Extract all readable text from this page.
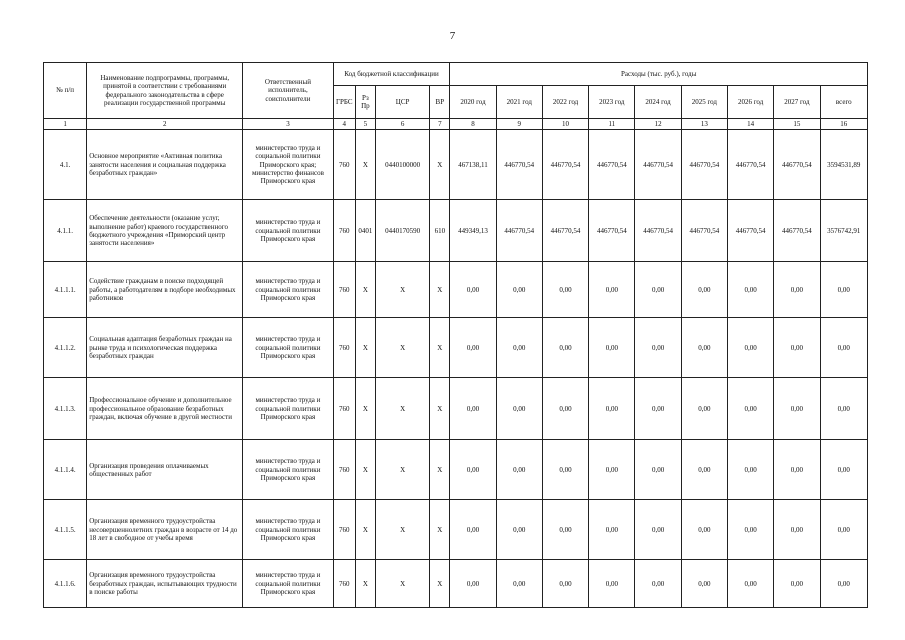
7
№ п/п	Наименование подпрограммы, программы, принятой в соответствии с требованиями федерального законодательства в сфере реализации государственной программы	Ответственный исполнитель, соисполнители	Код бюджетной классификации				Расходы (тыс. руб.), годы								
			ГРБС	Рз Пр	ЦСР	ВР	2020 год	2021 год	2022 год	2023 год	2024 год	2025 год	2026 год	2027 год	всего
1	2	3	4	5	6	7	8	9	10	11	12	13	14	15	16
4.1.	Основное мероприятие «Активная политика занятости населения и социальная поддержка безработных граждан»	министерство труда и социальной политики Приморского края; министерство финансов Приморского края	760	X	0440100000	X	467138,11	446770,54	446770,54	446770,54	446770,54	446770,54	446770,54	446770,54	3594531,89
4.1.1.	Обеспечение деятельности (оказание услуг, выполнение работ) краевого государственного бюджетного учреждения «Приморский центр занятости населения»	министерство труда и социальной политики Приморского края	760	0401	0440170590	610	449349,13	446770,54	446770,54	446770,54	446770,54	446770,54	446770,54	446770,54	3576742,91
4.1.1.1.	Содействие гражданам в поиске подходящей работы, а работодателям в подборе необходимых работников	министерство труда и социальной политики Приморского края	760	X	X	X	0,00	0,00	0,00	0,00	0,00	0,00	0,00	0,00	0,00
4.1.1.2.	Социальная адаптация безработных граждан на рынке труда и психологическая поддержка безработных граждан	министерство труда и социальной политики Приморского края	760	X	X	X	0,00	0,00	0,00	0,00	0,00	0,00	0,00	0,00	0,00
4.1.1.3.	Профессиональное обучение и дополнительное профессиональное образование безработных граждан, включая обучение в другой местности	министерство труда и социальной политики Приморского края	760	X	X	X	0,00	0,00	0,00	0,00	0,00	0,00	0,00	0,00	0,00
4.1.1.4.	Организация проведения оплачиваемых общественных работ	министерство труда и социальной политики Приморского края	760	X	X	X	0,00	0,00	0,00	0,00	0,00	0,00	0,00	0,00	0,00
4.1.1.5.	Организация временного трудоустройства несовершеннолетних граждан в возрасте от 14 до 18 лет в свободное от учебы время	министерство труда и социальной политики Приморского края	760	X	X	X	0,00	0,00	0,00	0,00	0,00	0,00	0,00	0,00	0,00
4.1.1.6.	Организация временного трудоустройства безработных граждан, испытывающих трудности в поиске работы	министерство труда и социальной политики Приморского края	760	X	X	X	0,00	0,00	0,00	0,00	0,00	0,00	0,00	0,00	0,00
